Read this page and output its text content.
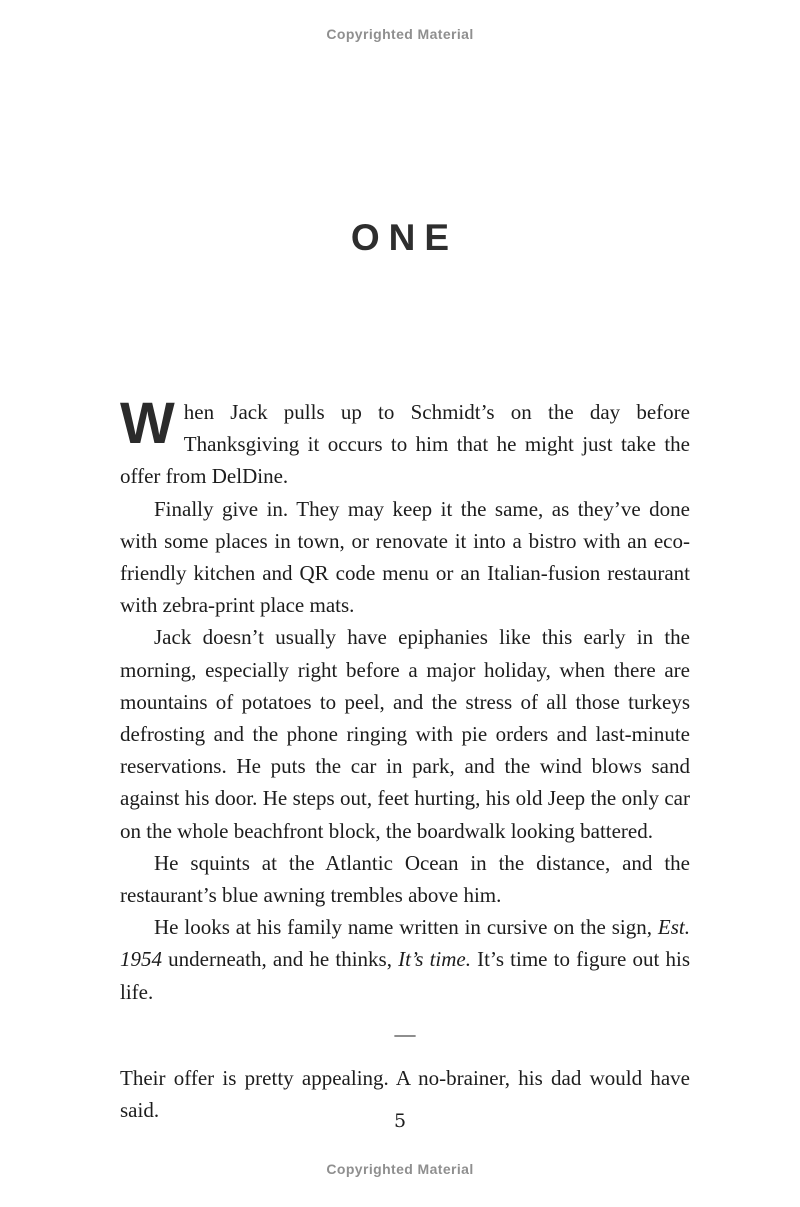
Copyrighted Material
ONE

When Jack pulls up to Schmidt’s on the day before Thanksgiving it occurs to him that he might just take the offer from DelDine.

Finally give in. They may keep it the same, as they’ve done with some places in town, or renovate it into a bistro with an eco-friendly kitchen and QR code menu or an Italian-fusion restaurant with zebra-print place mats.

Jack doesn’t usually have epiphanies like this early in the morning, especially right before a major holiday, when there are mountains of potatoes to peel, and the stress of all those turkeys defrosting and the phone ringing with pie orders and last-minute reservations. He puts the car in park, and the wind blows sand against his door. He steps out, feet hurting, his old Jeep the only car on the whole beachfront block, the boardwalk looking battered.

He squints at the Atlantic Ocean in the distance, and the restaurant’s blue awning trembles above him.

He looks at his family name written in cursive on the sign, Est. 1954 underneath, and he thinks, It’s time. It’s time to figure out his life.

—

Their offer is pretty appealing. A no-brainer, his dad would have said.	5
Copyrighted Material
